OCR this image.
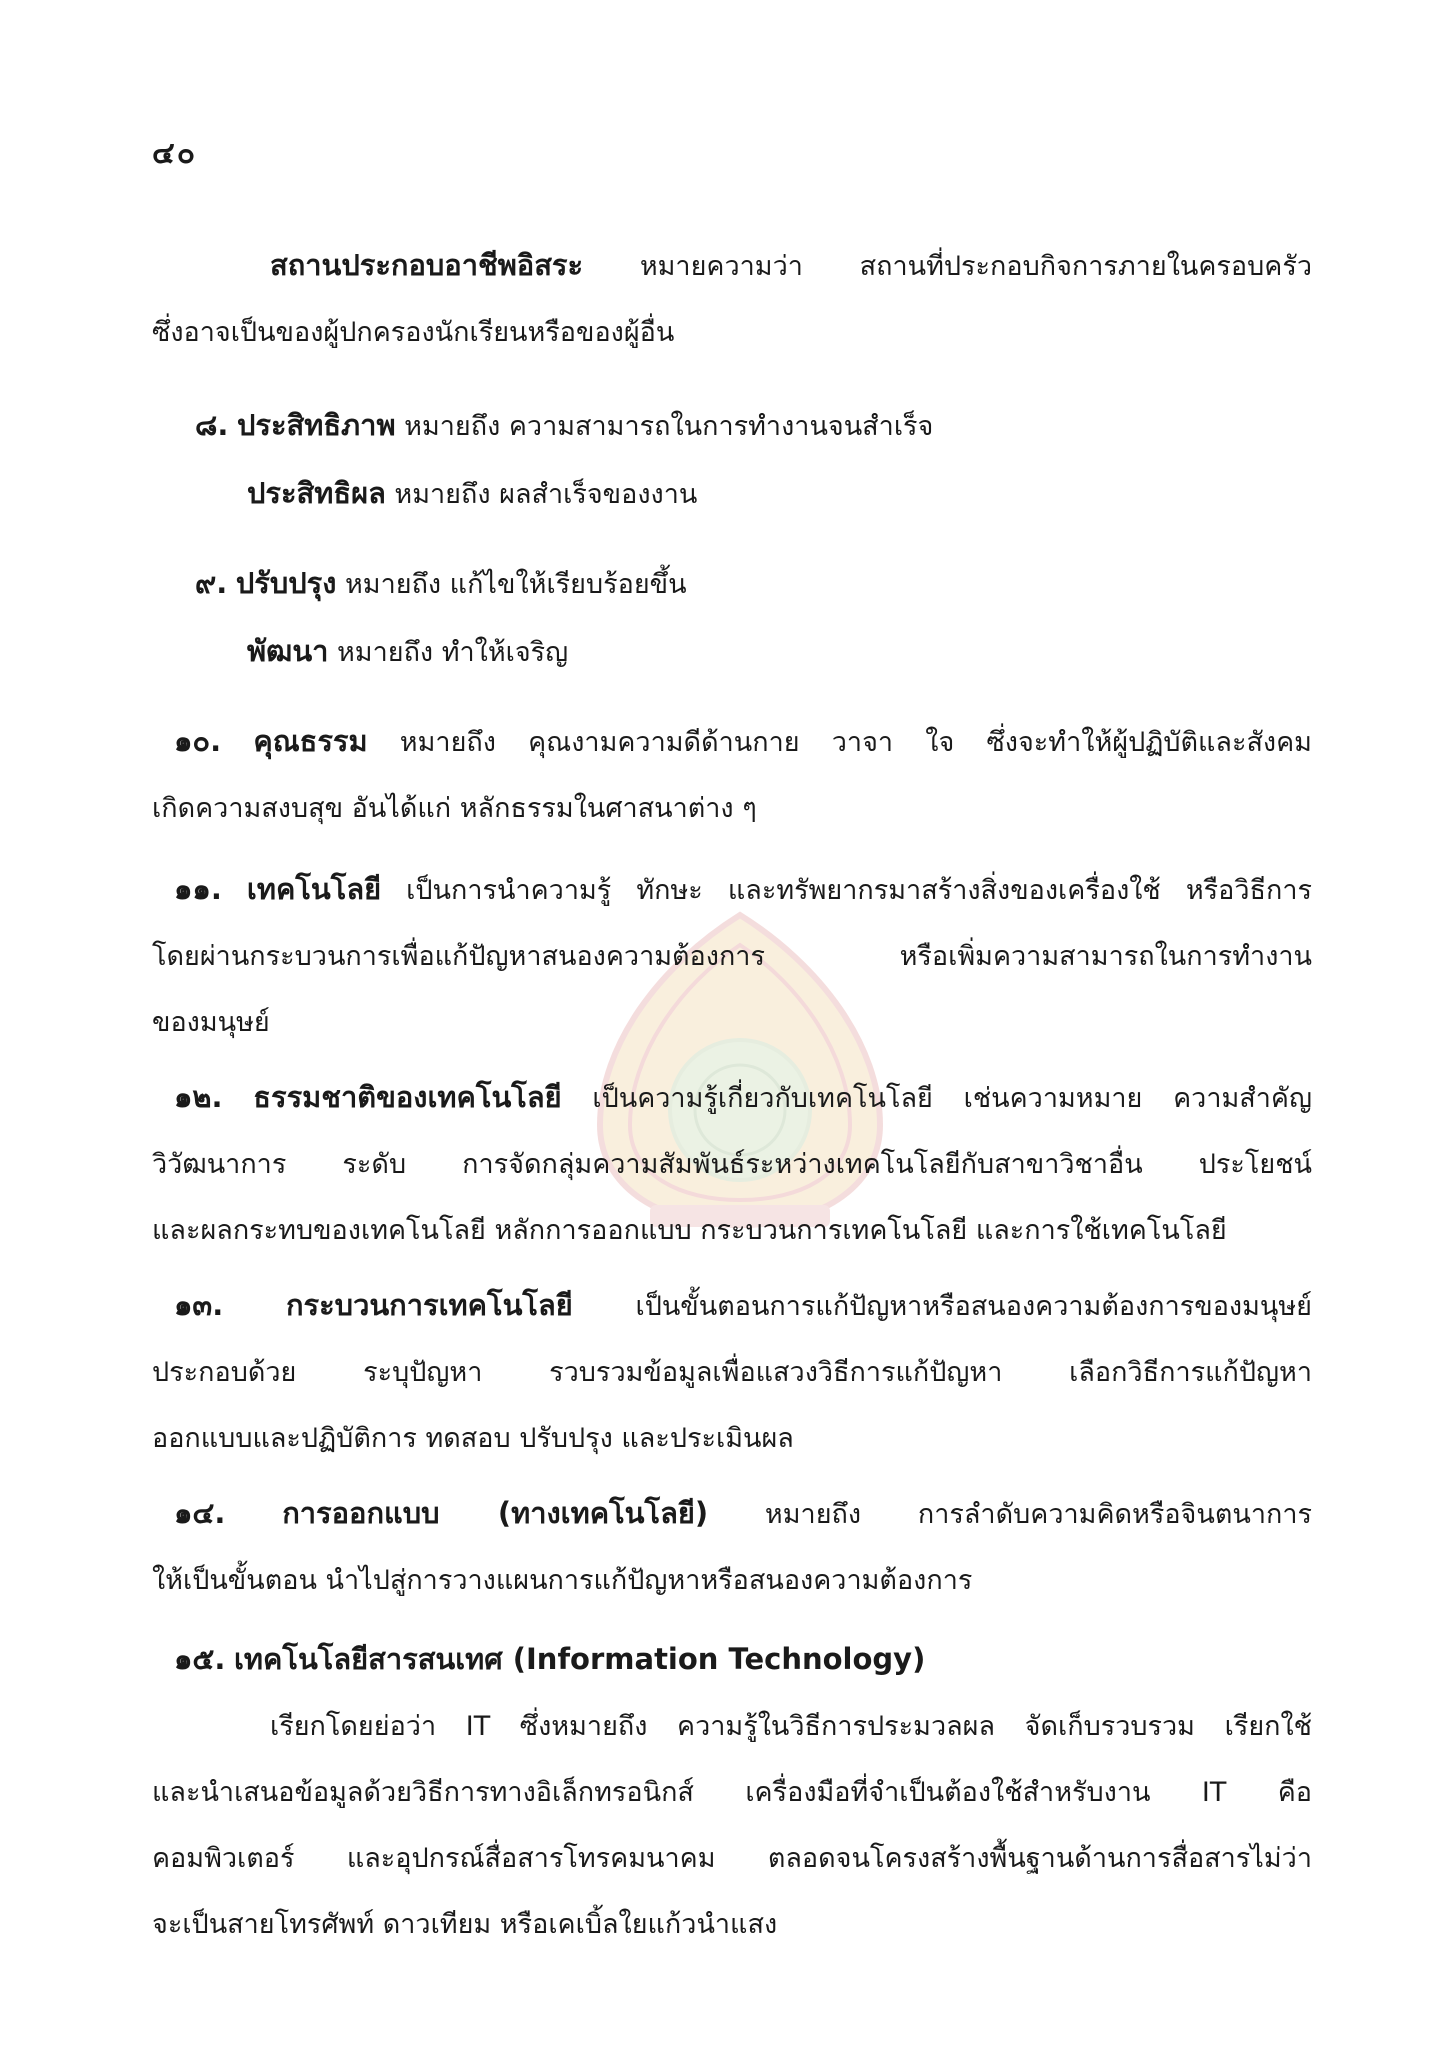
๔๐
สถานประกอบอาชีพอิสระ หมายความว่า สถานที่ประกอบกิจการภายในครอบครัว
ซึ่งอาจเป็นของผู้ปกครองนักเรียนหรือของผู้อื่น
๘. ประสิทธิภาพ หมายถึง ความสามารถในการทำงานจนสำเร็จ
ประสิทธิผล หมายถึง ผลสำเร็จของงาน
๙. ปรับปรุง หมายถึง แก้ไขให้เรียบร้อยขึ้น
พัฒนา หมายถึง ทำให้เจริญ
๑๐. คุณธรรม หมายถึง คุณงามความดีด้านกาย วาจา ใจ ซึ่งจะทำให้ผู้ปฏิบัติและสังคม
เกิดความสงบสุข อันได้แก่ หลักธรรมในศาสนาต่าง ๆ
๑๑. เทคโนโลยี เป็นการนำความรู้ ทักษะ และทรัพยากรมาสร้างสิ่งของเครื่องใช้ หรือวิธีการ
โดยผ่านกระบวนการเพื่อแก้ปัญหาสนองความต้องการ หรือเพิ่มความสามารถในการทำงาน
ของมนุษย์
๑๒. ธรรมชาติของเทคโนโลยี เป็นความรู้เกี่ยวกับเทคโนโลยี เช่นความหมาย ความสำคัญ
วิวัฒนาการ ระดับ การจัดกลุ่มความสัมพันธ์ระหว่างเทคโนโลยีกับสาขาวิชาอื่น ประโยชน์
และผลกระทบของเทคโนโลยี หลักการออกแบบ กระบวนการเทคโนโลยี และการใช้เทคโนโลยี
๑๓. กระบวนการเทคโนโลยี เป็นขั้นตอนการแก้ปัญหาหรือสนองความต้องการของมนุษย์
ประกอบด้วย ระบุปัญหา รวบรวมข้อมูลเพื่อแสวงวิธีการแก้ปัญหา เลือกวิธีการแก้ปัญหา
ออกแบบและปฏิบัติการ ทดสอบ ปรับปรุง และประเมินผล
๑๔. การออกแบบ (ทางเทคโนโลยี) หมายถึง การลำดับความคิดหรือจินตนาการ
ให้เป็นขั้นตอน นำไปสู่การวางแผนการแก้ปัญหาหรือสนองความต้องการ
๑๕. เทคโนโลยีสารสนเทศ (Information Technology)
เรียกโดยย่อว่า IT ซึ่งหมายถึง ความรู้ในวิธีการประมวลผล จัดเก็บรวบรวม เรียกใช้
และนำเสนอข้อมูลด้วยวิธีการทางอิเล็กทรอนิกส์ เครื่องมือที่จำเป็นต้องใช้สำหรับงาน IT คือ
คอมพิวเตอร์ และอุปกรณ์สื่อสารโทรคมนาคม ตลอดจนโครงสร้างพื้นฐานด้านการสื่อสารไม่ว่า
จะเป็นสายโทรศัพท์ ดาวเทียม หรือเคเบิ้ลใยแก้วนำแสง
